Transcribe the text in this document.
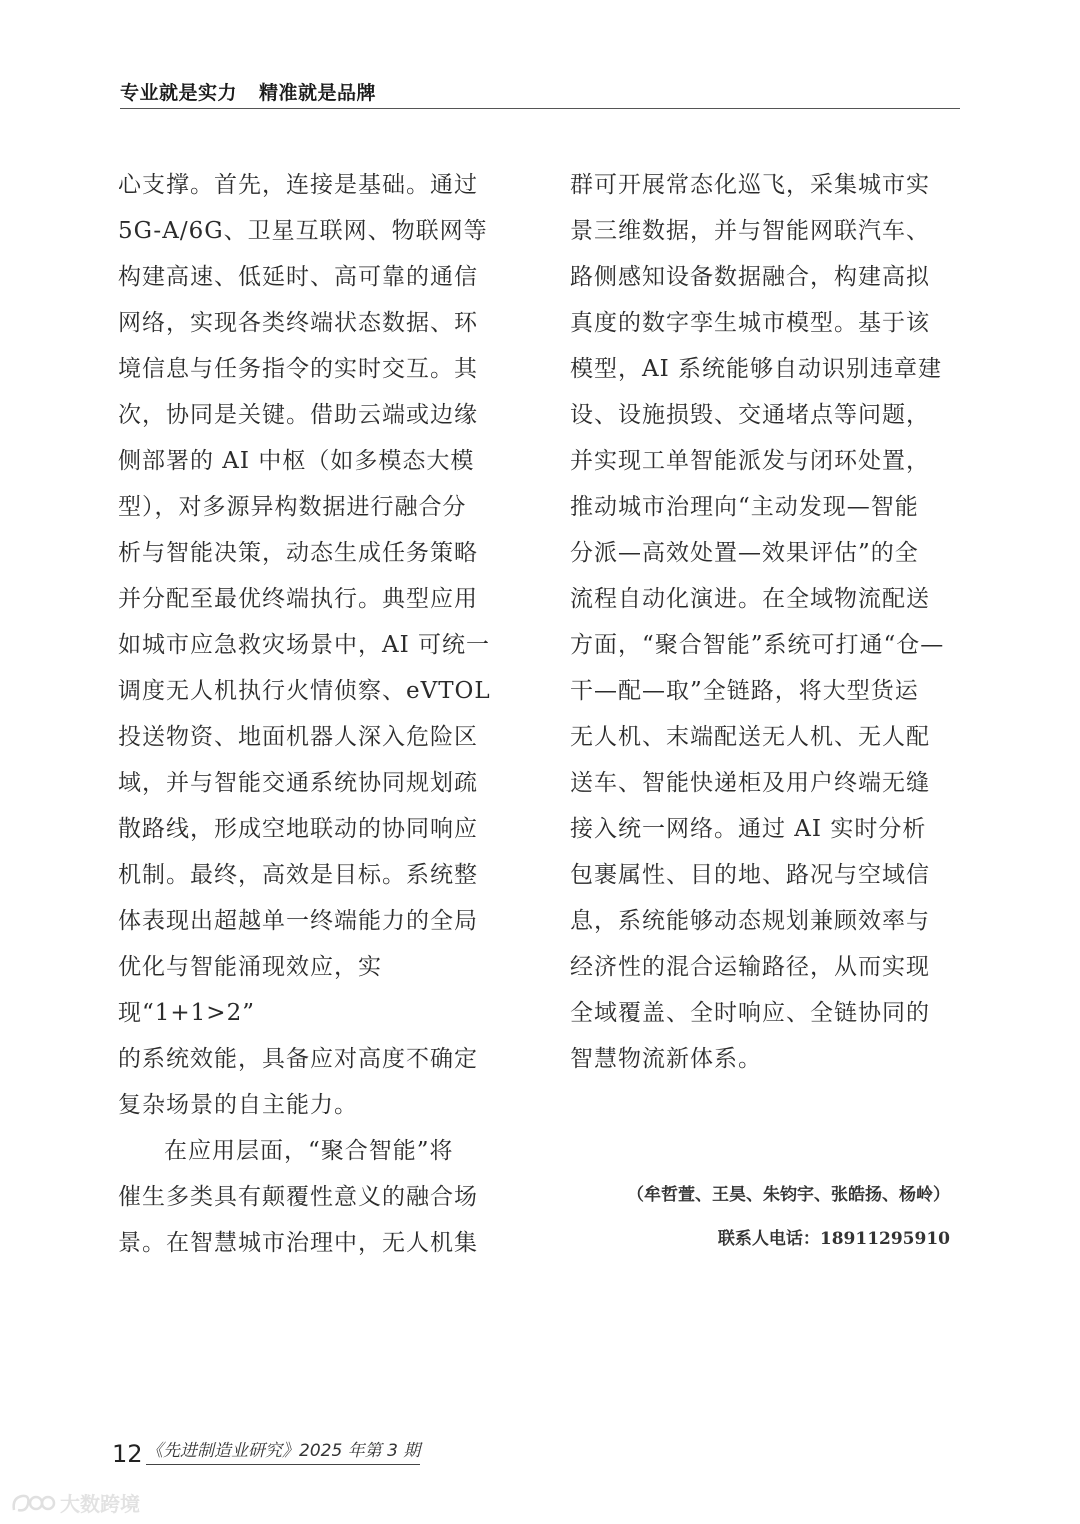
专业就是实力 精准就是品牌

心支撑。首先，连接是基础。通过
5G-A/6G、卫星互联网、物联网等
构建高速、低延时、高可靠的通信
网络，实现各类终端状态数据、环
境信息与任务指令的实时交互。其
次，协同是关键。借助云端或边缘
侧部署的 AI 中枢（如多模态大模
型），对多源异构数据进行融合分
析与智能决策，动态生成任务策略
并分配至最优终端执行。典型应用
如城市应急救灾场景中，AI 可统一
调度无人机执行火情侦察、eVTOL
投送物资、地面机器人深入危险区
域，并与智能交通系统协同规划疏
散路线，形成空地联动的协同响应
机制。最终，高效是目标。系统整
体表现出超越单一终端能力的全局
优化与智能涌现效应，实现“1+1>2”
的系统效能，具备应对高度不确定
复杂场景的自主能力。

在应用层面，“聚合智能”将
催生多类具有颠覆性意义的融合场
景。在智慧城市治理中，无人机集

群可开展常态化巡飞，采集城市实
景三维数据，并与智能网联汽车、
路侧感知设备数据融合，构建高拟
真度的数字孪生城市模型。基于该
模型，AI 系统能够自动识别违章建
设、设施损毁、交通堵点等问题，
并实现工单智能派发与闭环处置，
推动城市治理向“主动发现—智能
分派—高效处置—效果评估”的全
流程自动化演进。在全域物流配送
方面，“聚合智能”系统可打通“仓—
干—配—取”全链路，将大型货运
无人机、末端配送无人机、无人配
送车、智能快递柜及用户终端无缝
接入统一网络。通过 AI 实时分析
包裹属性、目的地、路况与空域信
息，系统能够动态规划兼顾效率与
经济性的混合运输路径，从而实现
全域覆盖、全时响应、全链协同的
智慧物流新体系。

（牟哲萱、王昊、朱钧宇、张皓扬、杨岭）
联系人电话：18911295910
12 《先进制造业研究》2025 年第 3 期
大数跨境
